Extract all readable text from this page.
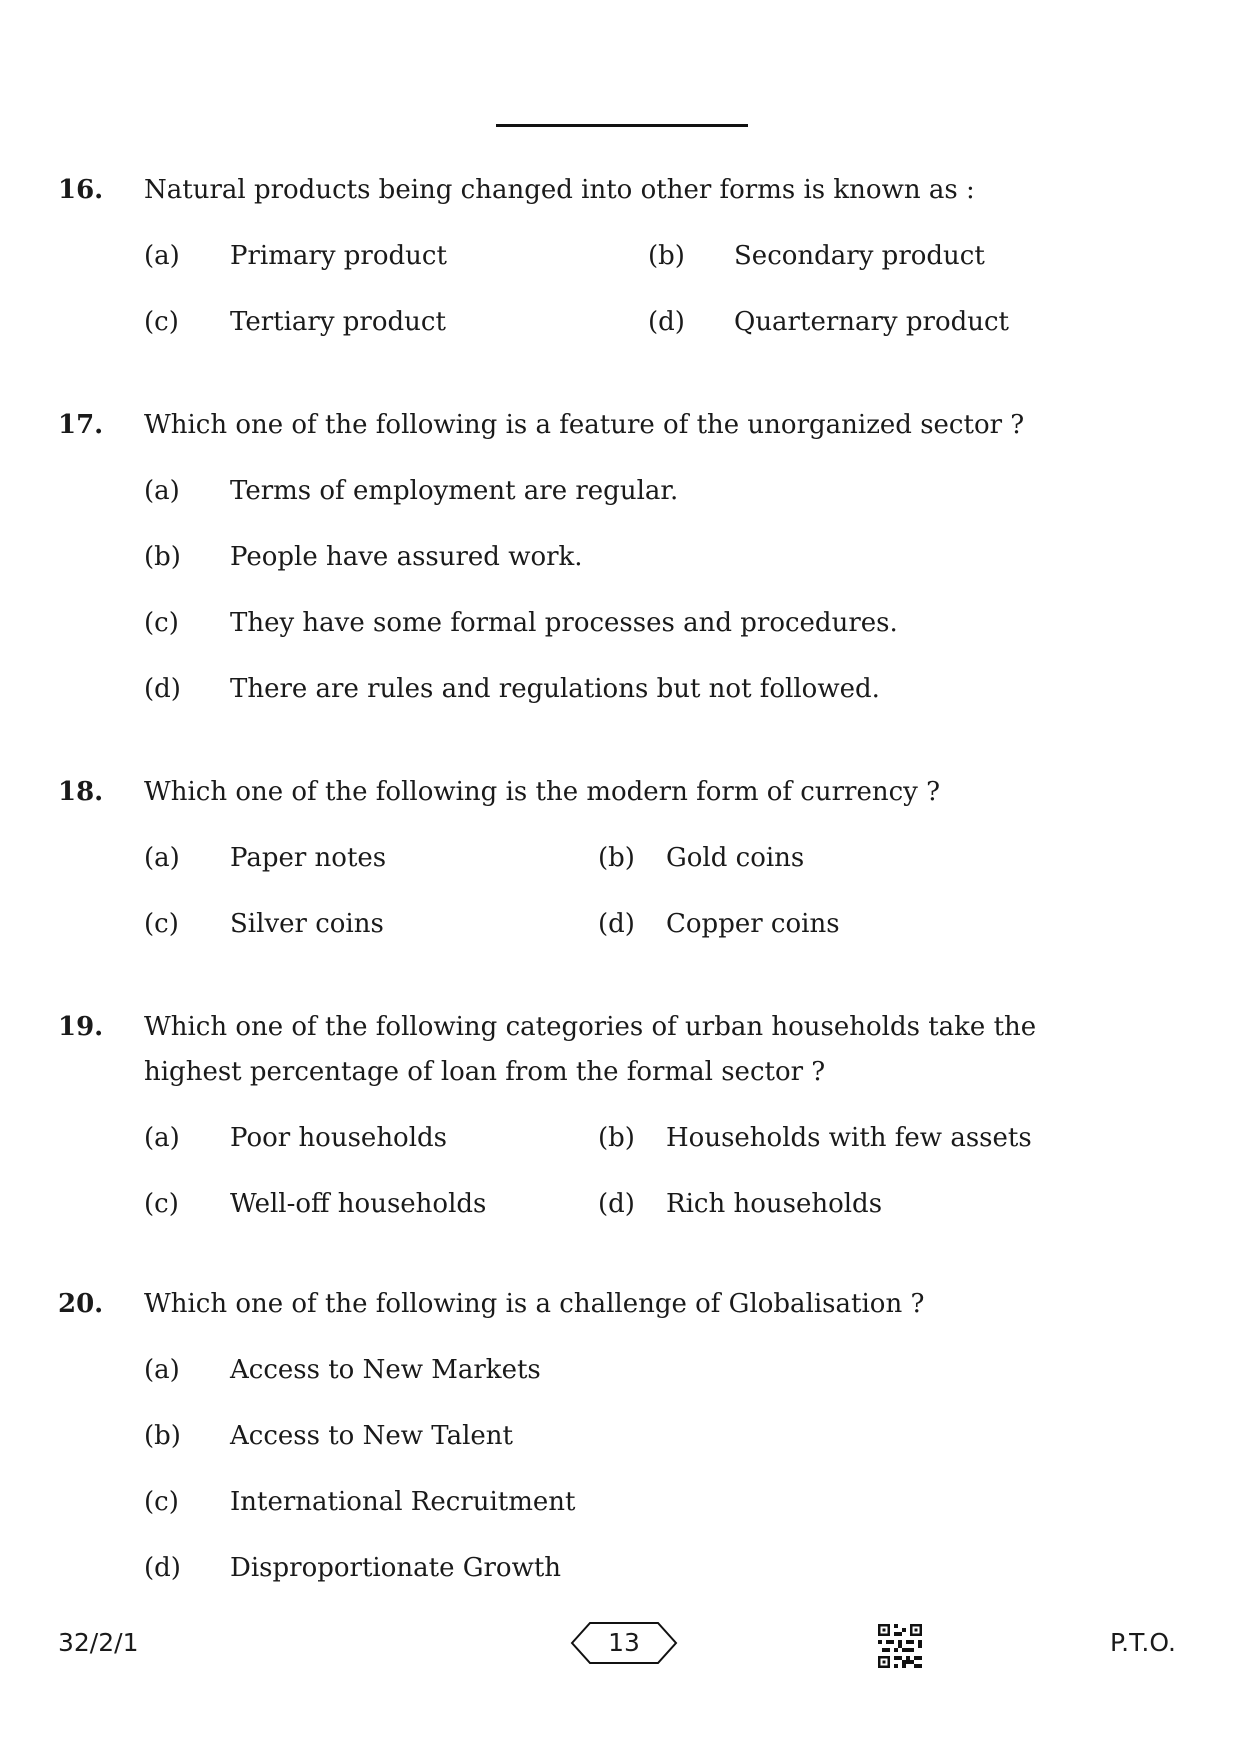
16. Natural products being changed into other forms is known as :
(a) Primary product	(b) Secondary product
(c) Tertiary product	(d) Quarternary product
17. Which one of the following is a feature of the unorganized sector ?
(a) Terms of employment are regular.
(b) People have assured work.
(c) They have some formal processes and procedures.
(d) There are rules and regulations but not followed.
18. Which one of the following is the modern form of currency ?
(a) Paper notes	(b) Gold coins
(c) Silver coins	(d) Copper coins
19. Which one of the following categories of urban households take the
highest percentage of loan from the formal sector ?
(a) Poor households	(b) Households with few assets
(c) Well-off households	(d) Rich households
20. Which one of the following is a challenge of Globalisation ?
(a) Access to New Markets
(b) Access to New Talent
(c) International Recruitment
(d) Disproportionate Growth
32/2/1	13	P.T.O.
